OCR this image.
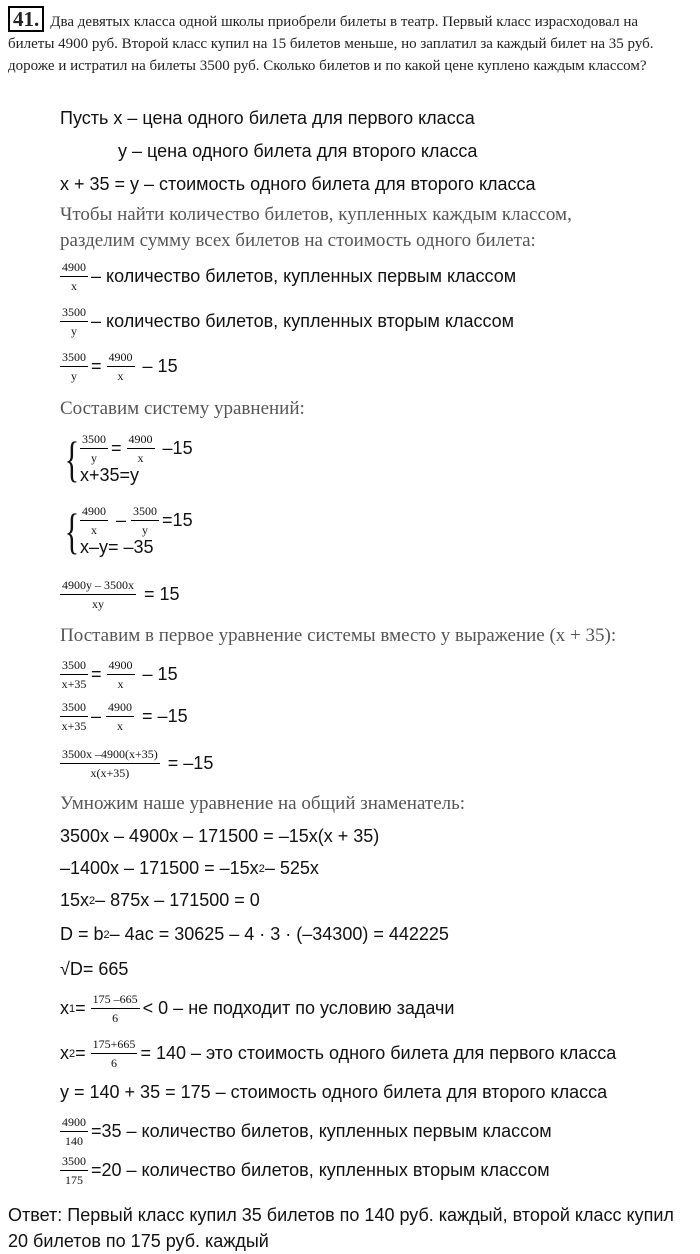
41. Два девятых класса одной школы приобрели билеты в театр. Первый класс израсходовал на билеты 4900 руб. Второй класс купил на 15 билетов меньше, но заплатил за каждый билет на 35 руб. дороже и истратил на билеты 3500 руб. Сколько билетов и по какой цене куплено каждым классом?
Пусть x – цена одного билета для первого класса
y – цена одного билета для второго класса
x + 35 = y – стоимость одного билета для второго класса
Чтобы найти количество билетов, купленных каждым классом,
разделим сумму всех билетов на стоимость одного билета:
$\frac{4900}{x}$ – количество билетов, купленных первым классом
$\frac{3500}{y}$ – количество билетов, купленных вторым классом
$\frac{3500}{y}$ =
$\frac{4900}{x}$
– 15
Составим систему уравнений:
{ $\frac{3500}{y}$ =
$\frac{4900}{x}$
–15
x+35=y
{ $\frac{4900}{x}$
–
$\frac{3500}{y} =15$
x–y= –35
$\frac{4900y - 3500x}{xy}$
= 15
Поставим в первое уравнение системы вместо y выражение (x + 35):
$\frac{3500}{x+35}$ =
$\frac{4900}{x}$
– 15
$\frac{3500}{x+35}$ –
$\frac{4900}{x}$
= –15
$\frac{3500x -4900(x+35)}{x(x+35)}$
= –15
Умножим наше уравнение на общий знаменатель:
3500x – 4900x – 171500 = –15x(x + 35)
–1400x – 171500 = –15x 2 – 525x
15x 2 – 875x – 171500 = 0
D = b 2 – 4ac = 30625 – 4 · 3 · (–34300) = 442225
√D= 665
x 1 =
$\frac{175 -665}{6} < 0$ – не подходит по условию задачи
x 2 =
$\frac{175+665}{6} = 140$ – это стоимость одного билета для первого класса
y = 140 + 35 = 175 – стоимость одного билета для второго класса
$\frac{4900}{140} =35$ – количество билетов, купленных первым классом
$\frac{3500}{175} =20$ – количество билетов, купленных вторым классом
Ответ: Первый класс купил 35 билетов по 140 руб. каждый, второй класс купил 20 билетов по 175 руб. каждый
